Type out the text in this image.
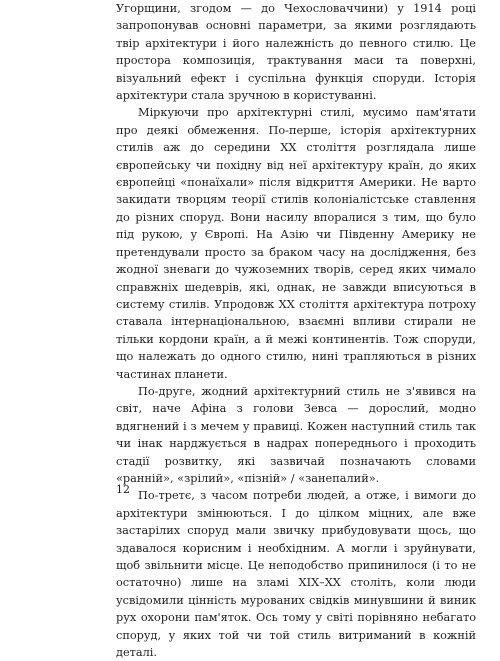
Угорщини, згодом — до Чехословаччини) у 1914 році запропонував основні параметри, за якими розглядають твір архітектури і його належність до певного стилю. Це простора композиція, трактування маси та поверхні, візуальний ефект і суспільна функція споруди. Історія архітектури стала зручною в користуванні.

Міркуючи про архітектурні стилі, мусимо пам'ятати про деякі обмеження. По-перше, історія архітектурних стилів аж до середини XX століття розглядала лише європейську чи похідну від неї архітектуру країн, до яких європейці «понаїхали» після відкриття Америки. Не варто закидати творцям теорії стилів колоніалістське ставлення до різних споруд. Вони насилу впоралися з тим, що було під рукою, у Європі. На Азію чи Південну Америку не претендували просто за браком часу на дослідження, без жодної зневаги до чужоземних творів, серед яких чимало справжніх шедеврів, які, однак, не завжди вписуються в систему стилів. Упродовж XX століття архітектура потроху ставала інтернаціональною, взаємні впливи стирали не тільки кордони країн, а й межі континентів. Тож споруди, що належать до одного стилю, нині трапляються в різних частинах планети.

По-друге, жодний архітектурний стиль не з'явився на світ, наче Афіна з голови Зевса — дорослий, модно вдягнений і з мечем у правиці. Кожен наступний стиль так чи інак нарджується в надрах попереднього і проходить стадії розвитку, які зазвичай позначають словами «ранній», «зрілий», «пізній» / «занепалий».

По-третє, з часом потреби людей, а отже, і вимоги до архітектури змінюються. І до цілком міцних, але вже застарілих споруд мали звичку прибудовувати щось, що здавалося корисним і необхідним. А могли і зруйнувати, щоб звільнити місце. Це неподобство припинилося (і то не остаточно) лише на зламі XIX–XX століть, коли люди усвідомили цінність мурованих свідків минувшини й виник рух охорони пам'яток. Ось тому у світі порівняно небагато споруд, у яких той чи той стиль витриманий в кожній деталі.

12
